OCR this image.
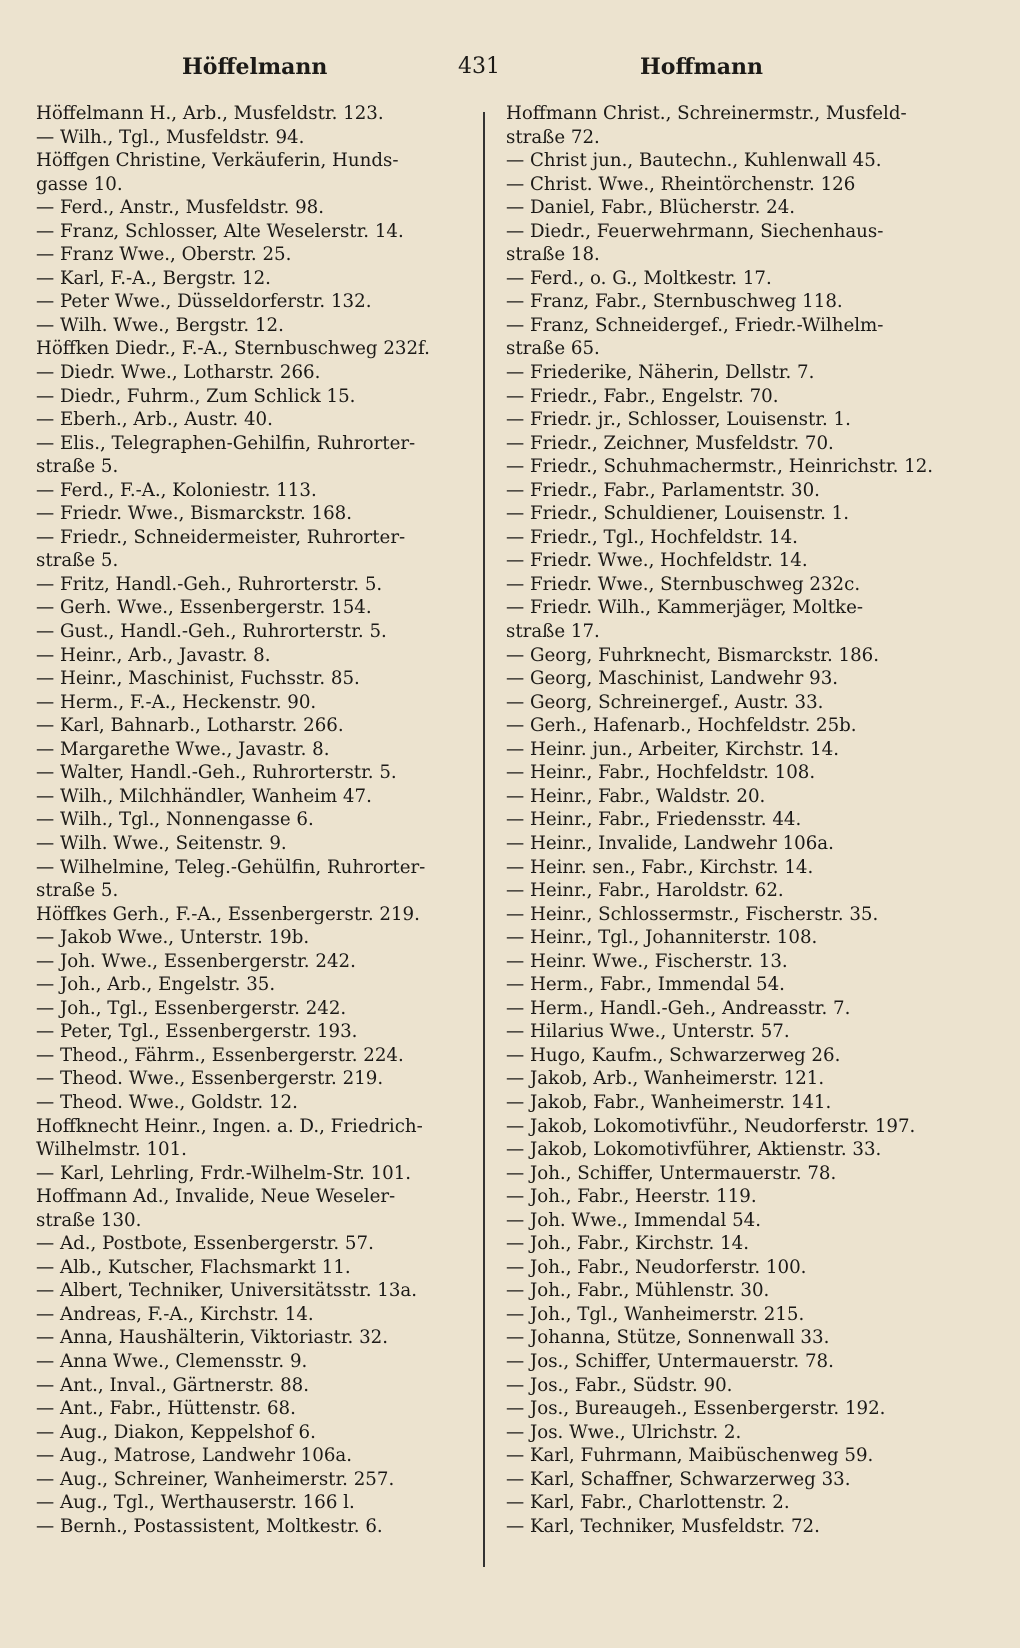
Höffelmann	431	Hoffmann
Höffelmann H., Arb., Musfeldstr. 123.
— Wilh., Tgl., Musfeldstr. 94.
Höffgen Christine, Verkäuferin, Hunds-
gasse 10.
— Ferd., Anstr., Musfeldstr. 98.
— Franz, Schlosser, Alte Weselerstr. 14.
— Franz Wwe., Oberstr. 25.
— Karl, F.-A., Bergstr. 12.
— Peter Wwe., Düsseldorferstr. 132.
— Wilh. Wwe., Bergstr. 12.
Höffken Diedr., F.-A., Sternbuschweg 232f.
— Diedr. Wwe., Lotharstr. 266.
— Diedr., Fuhrm., Zum Schlick 15.
— Eberh., Arb., Austr. 40.
— Elis., Telegraphen-Gehilfin, Ruhrorter-
straße 5.
— Ferd., F.-A., Koloniestr. 113.
— Friedr. Wwe., Bismarckstr. 168.
— Friedr., Schneidermeister, Ruhrorter-
straße 5.
— Fritz, Handl.-Geh., Ruhrorterstr. 5.
— Gerh. Wwe., Essenbergerstr. 154.
— Gust., Handl.-Geh., Ruhrorterstr. 5.
— Heinr., Arb., Javastr. 8.
— Heinr., Maschinist, Fuchsstr. 85.
— Herm., F.-A., Heckenstr. 90.
— Karl, Bahnarb., Lotharstr. 266.
— Margarethe Wwe., Javastr. 8.
— Walter, Handl.-Geh., Ruhrorterstr. 5.
— Wilh., Milchhändler, Wanheim 47.
— Wilh., Tgl., Nonnengasse 6.
— Wilh. Wwe., Seitenstr. 9.
— Wilhelmine, Teleg.-Gehülfin, Ruhrorter-
straße 5.
Höffkes Gerh., F.-A., Essenbergerstr. 219.
— Jakob Wwe., Unterstr. 19b.
— Joh. Wwe., Essenbergerstr. 242.
— Joh., Arb., Engelstr. 35.
— Joh., Tgl., Essenbergerstr. 242.
— Peter, Tgl., Essenbergerstr. 193.
— Theod., Fährm., Essenbergerstr. 224.
— Theod. Wwe., Essenbergerstr. 219.
— Theod. Wwe., Goldstr. 12.
Hoffknecht Heinr., Ingen. a. D., Friedrich-
Wilhelmstr. 101.
— Karl, Lehrling, Frdr.-Wilhelm-Str. 101.
Hoffmann Ad., Invalide, Neue Weseler-
straße 130.
— Ad., Postbote, Essenbergerstr. 57.
— Alb., Kutscher, Flachsmarkt 11.
— Albert, Techniker, Universitätsstr. 13a.
— Andreas, F.-A., Kirchstr. 14.
— Anna, Haushälterin, Viktoriastr. 32.
— Anna Wwe., Clemensstr. 9.
— Ant., Inval., Gärtnerstr. 88.
— Ant., Fabr., Hüttenstr. 68.
— Aug., Diakon, Keppelshof 6.
— Aug., Matrose, Landwehr 106a.
— Aug., Schreiner, Wanheimerstr. 257.
— Aug., Tgl., Werthauserstr. 166 l.
— Bernh., Postassistent, Moltkestr. 6.
Hoffmann Christ., Schreinermstr., Musfeld-
straße 72.
— Christ jun., Bautechn., Kuhlenwall 45.
— Christ. Wwe., Rheintörchenstr. 126
— Daniel, Fabr., Blücherstr. 24.
— Diedr., Feuerwehrmann, Siechenhaus-
straße 18.
— Ferd., o. G., Moltkestr. 17.
— Franz, Fabr., Sternbuschweg 118.
— Franz, Schneidergef., Friedr.-Wilhelm-
straße 65.
— Friederike, Näherin, Dellstr. 7.
— Friedr., Fabr., Engelstr. 70.
— Friedr. jr., Schlosser, Louisenstr. 1.
— Friedr., Zeichner, Musfeldstr. 70.
— Friedr., Schuhmachermstr., Heinrichstr. 12.
— Friedr., Fabr., Parlamentstr. 30.
— Friedr., Schuldiener, Louisenstr. 1.
— Friedr., Tgl., Hochfeldstr. 14.
— Friedr. Wwe., Hochfeldstr. 14.
— Friedr. Wwe., Sternbuschweg 232c.
— Friedr. Wilh., Kammerjäger, Moltke-
straße 17.
— Georg, Fuhrknecht, Bismarckstr. 186.
— Georg, Maschinist, Landwehr 93.
— Georg, Schreinergef., Austr. 33.
— Gerh., Hafenarb., Hochfeldstr. 25b.
— Heinr. jun., Arbeiter, Kirchstr. 14.
— Heinr., Fabr., Hochfeldstr. 108.
— Heinr., Fabr., Waldstr. 20.
— Heinr., Fabr., Friedensstr. 44.
— Heinr., Invalide, Landwehr 106a.
— Heinr. sen., Fabr., Kirchstr. 14.
— Heinr., Fabr., Haroldstr. 62.
— Heinr., Schlossermstr., Fischerstr. 35.
— Heinr., Tgl., Johanniterstr. 108.
— Heinr. Wwe., Fischerstr. 13.
— Herm., Fabr., Immendal 54.
— Herm., Handl.-Geh., Andreasstr. 7.
— Hilarius Wwe., Unterstr. 57.
— Hugo, Kaufm., Schwarzerweg 26.
— Jakob, Arb., Wanheimerstr. 121.
— Jakob, Fabr., Wanheimerstr. 141.
— Jakob, Lokomotivführ., Neudorferstr. 197.
— Jakob, Lokomotivführer, Aktienstr. 33.
— Joh., Schiffer, Untermauerstr. 78.
— Joh., Fabr., Heerstr. 119.
— Joh. Wwe., Immendal 54.
— Joh., Fabr., Kirchstr. 14.
— Joh., Fabr., Neudorferstr. 100.
— Joh., Fabr., Mühlenstr. 30.
— Joh., Tgl., Wanheimerstr. 215.
— Johanna, Stütze, Sonnenwall 33.
— Jos., Schiffer, Untermauerstr. 78.
— Jos., Fabr., Südstr. 90.
— Jos., Bureaugeh., Essenbergerstr. 192.
— Jos. Wwe., Ulrichstr. 2.
— Karl, Fuhrmann, Maibüschenweg 59.
— Karl, Schaffner, Schwarzerweg 33.
— Karl, Fabr., Charlottenstr. 2.
— Karl, Techniker, Musfeldstr. 72.
